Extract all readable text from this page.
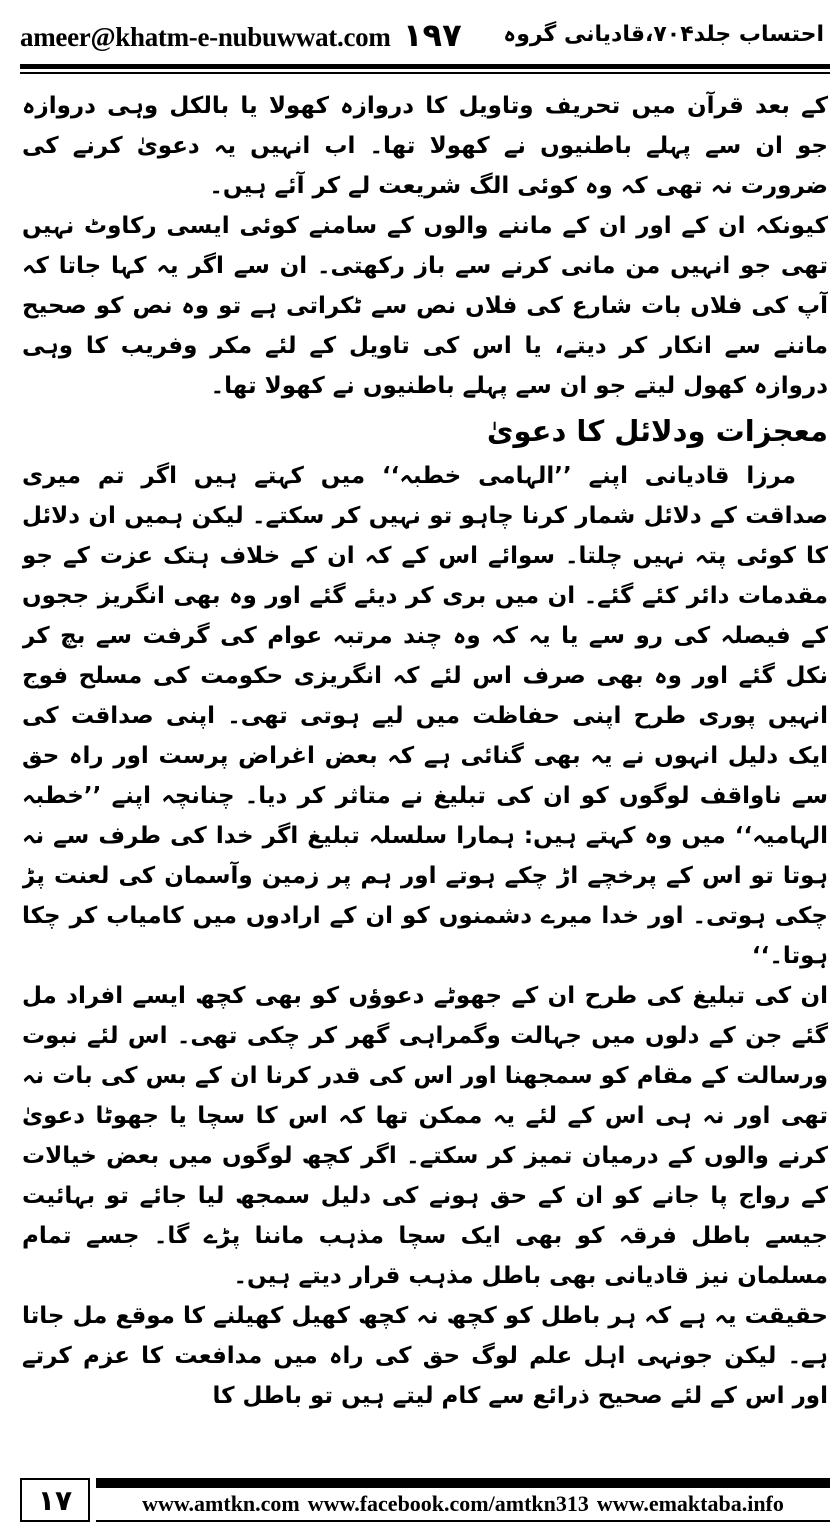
ameer@khatm-e-nubuwwat.com ١٩٧ احتساب جلد۷۰۴،قادیانی گروہ

کے بعد قرآن میں تحریف وتاویل کا دروازہ کھولا یا بالکل وہی دروازہ جو ان سے پہلے باطنیوں نے کھولا تھا۔ اب انہیں یہ دعویٰ کرنے کی ضرورت نہ تھی کہ وہ کوئی الگ شریعت لے کر آئے ہیں۔

کیونکہ ان کے اور ان کے ماننے والوں کے سامنے کوئی ایسی رکاوٹ نہیں تھی جو انہیں من مانی کرنے سے باز رکھتی۔ ان سے اگر یہ کہا جاتا کہ آپ کی فلاں بات شارع کی فلاں نص سے ٹکراتی ہے تو وہ نص کو صحیح ماننے سے انکار کر دیتے، یا اس کی تاویل کے لئے مکر وفریب کا وہی دروازہ کھول لیتے جو ان سے پہلے باطنیوں نے کھولا تھا۔

معجزات ودلائل کا دعویٰ

مرزا قادیانی اپنے ’’الہامی خطبہ‘‘ میں کہتے ہیں اگر تم میری صداقت کے دلائل شمار کرنا چاہو تو نہیں کر سکتے۔ لیکن ہمیں ان دلائل کا کوئی پتہ نہیں چلتا۔ سوائے اس کے کہ ان کے خلاف ہتک عزت کے جو مقدمات دائر کئے گئے۔ ان میں بری کر دیئے گئے اور وہ بھی انگریز ججوں کے فیصلہ کی رو سے یا یہ کہ وہ چند مرتبہ عوام کی گرفت سے بچ کر نکل گئے اور وہ بھی صرف اس لئے کہ انگریزی حکومت کی مسلح فوج انہیں پوری طرح اپنی حفاظت میں لیے ہوتی تھی۔ اپنی صداقت کی ایک دلیل انہوں نے یہ بھی گنائی ہے کہ بعض اغراض پرست اور راہ حق سے ناواقف لوگوں کو ان کی تبلیغ نے متاثر کر دیا۔ چنانچہ اپنے ’’خطبہ الہامیہ‘‘ میں وہ کہتے ہیں: ہمارا سلسلہ تبلیغ اگر خدا کی طرف سے نہ ہوتا تو اس کے پرخچے اڑ چکے ہوتے اور ہم پر زمین وآسمان کی لعنت پڑ چکی ہوتی۔ اور خدا میرے دشمنوں کو ان کے ارادوں میں کامیاب کر چکا ہوتا۔‘‘

ان کی تبلیغ کی طرح ان کے جھوٹے دعوؤں کو بھی کچھ ایسے افراد مل گئے جن کے دلوں میں جہالت وگمراہی گھر کر چکی تھی۔ اس لئے نبوت ورسالت کے مقام کو سمجھنا اور اس کی قدر کرنا ان کے بس کی بات نہ تھی اور نہ ہی اس کے لئے یہ ممکن تھا کہ اس کا سچا یا جھوٹا دعویٰ کرنے والوں کے درمیان تمیز کر سکتے۔ اگر کچھ لوگوں میں بعض خیالات کے رواج پا جانے کو ان کے حق ہونے کی دلیل سمجھ لیا جائے تو بہائیت جیسے باطل فرقہ کو بھی ایک سچا مذہب ماننا پڑے گا۔ جسے تمام مسلمان نیز قادیانی بھی باطل مذہب قرار دیتے ہیں۔

حقیقت یہ ہے کہ ہر باطل کو کچھ نہ کچھ کھیل کھیلنے کا موقع مل جاتا ہے۔ لیکن جونہی اہل علم لوگ حق کی راہ میں مدافعت کا عزم کرتے اور اس کے لئے صحیح ذرائع سے کام لیتے ہیں تو باطل کا

١٧	www.amtkn.com www.facebook.com/amtkn313 www.emaktaba.info
